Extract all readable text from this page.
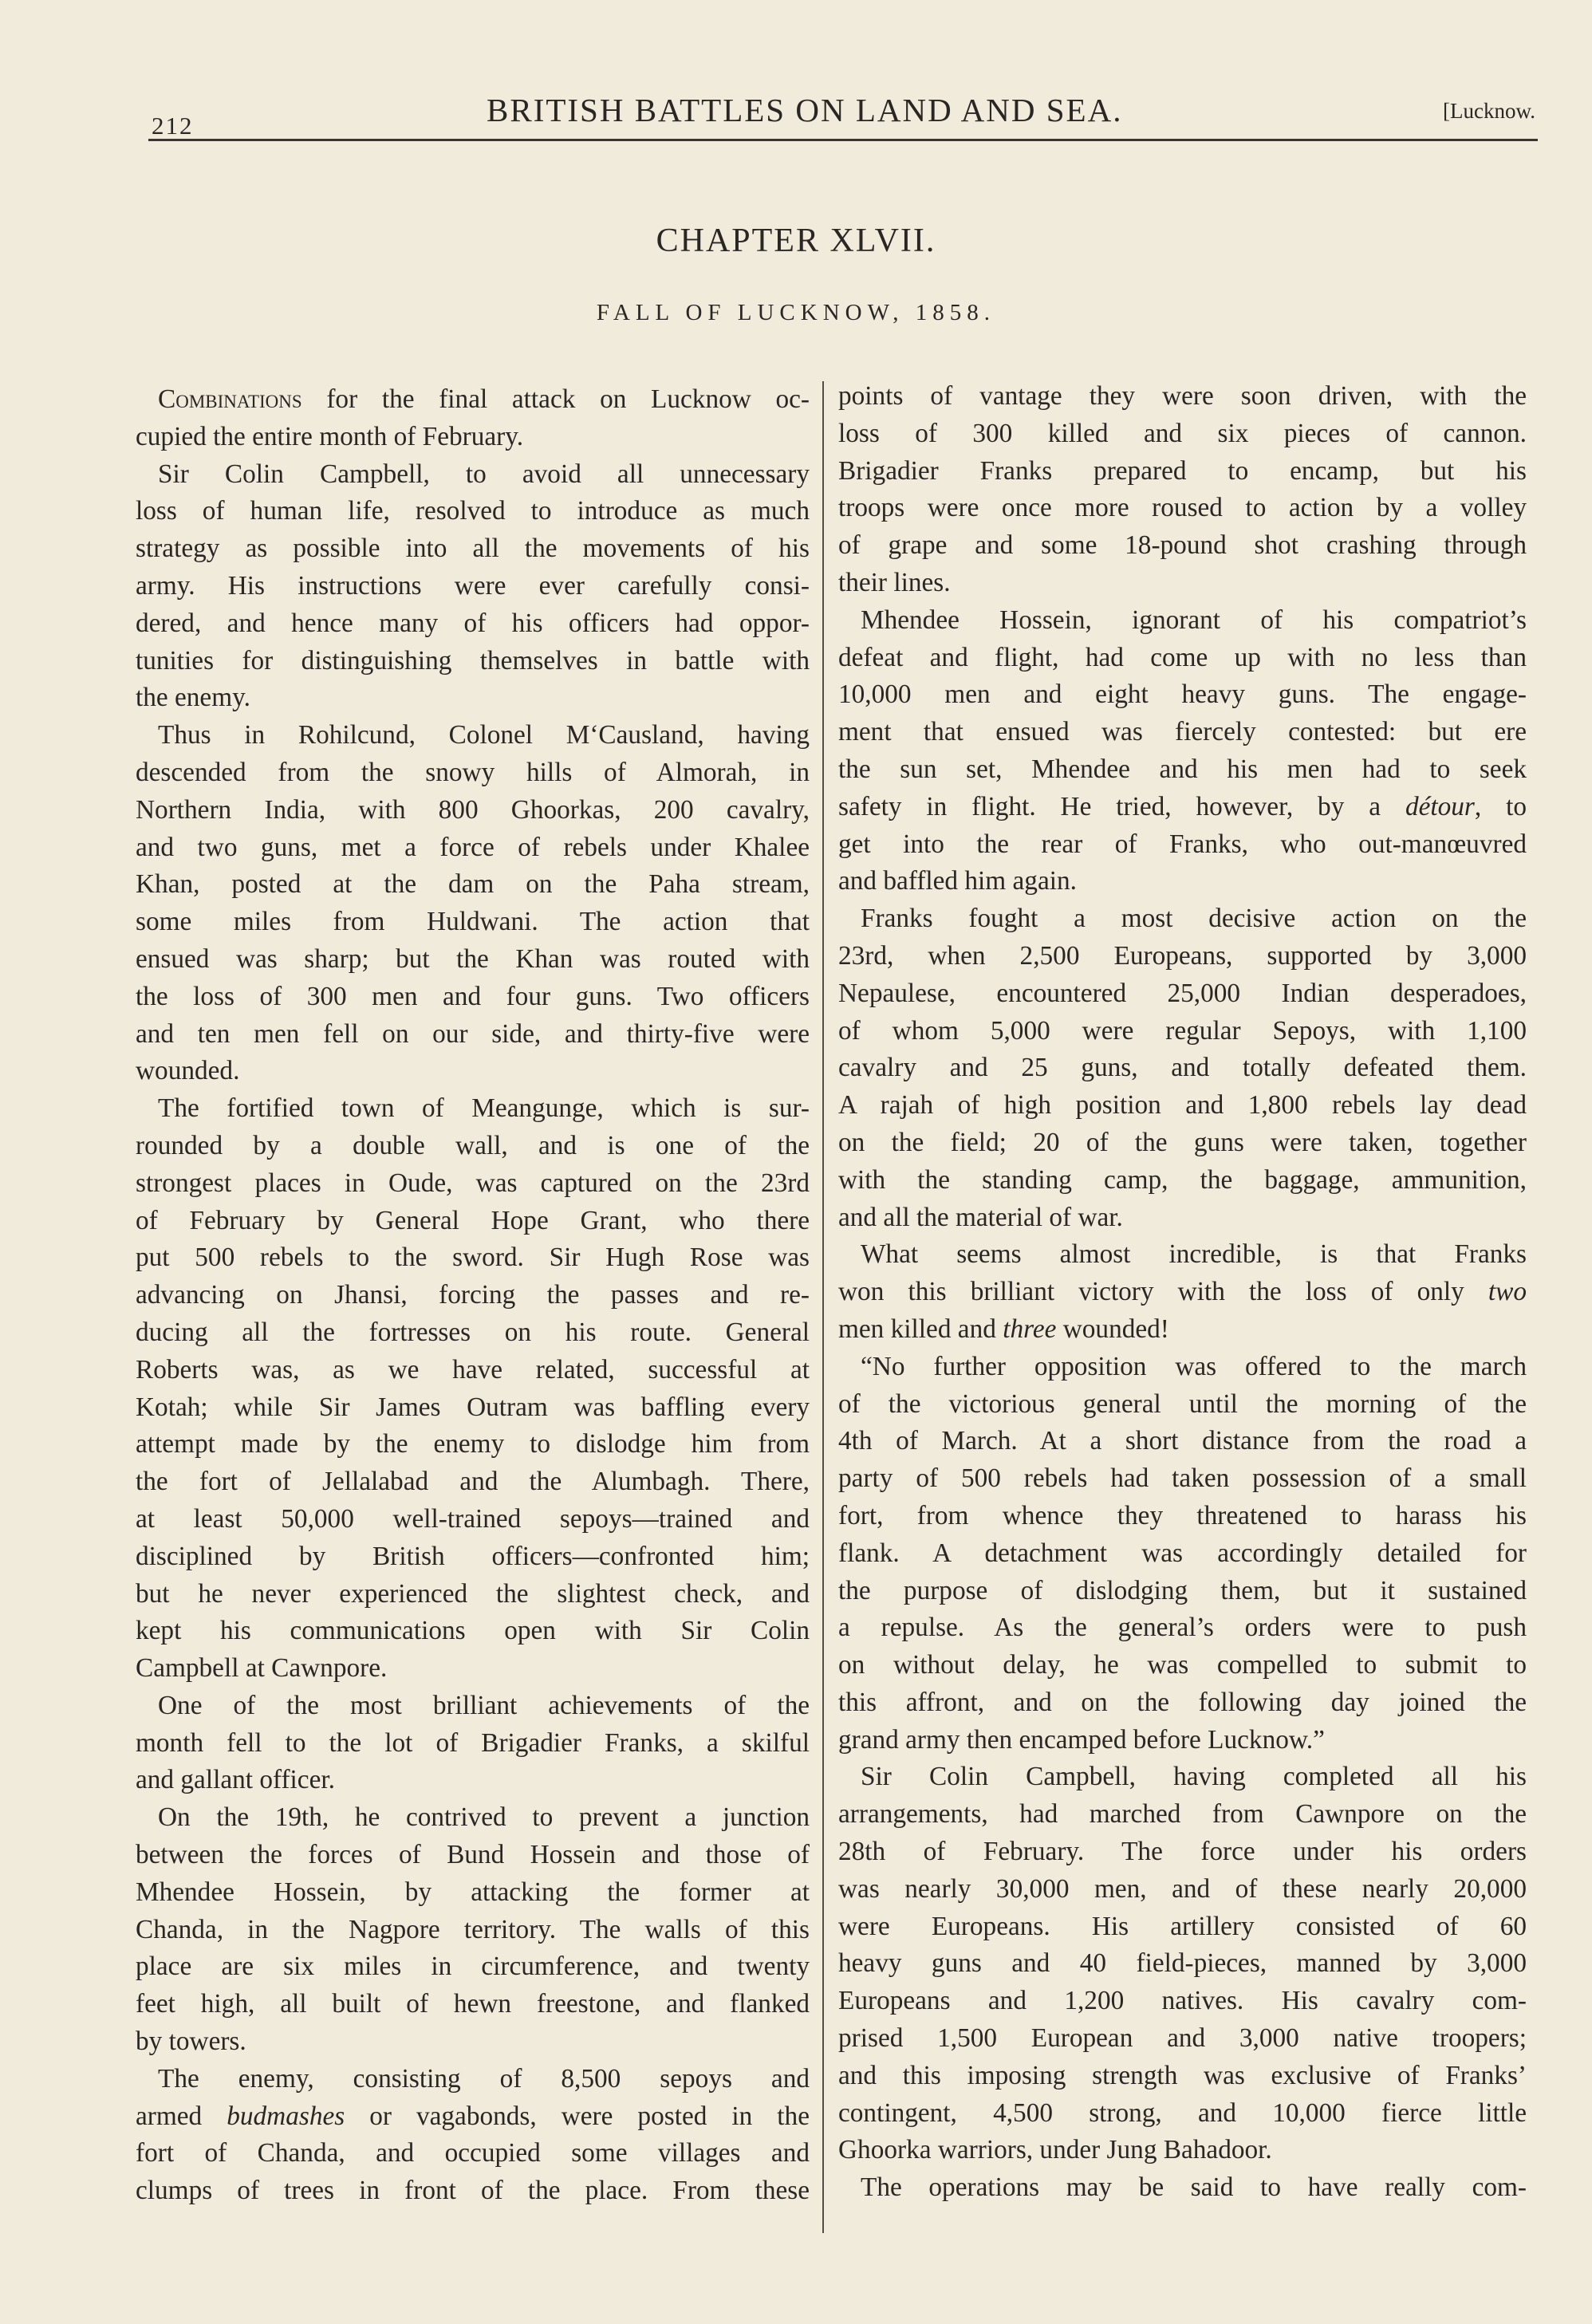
212	BRITISH BATTLES ON LAND AND SEA.	[Lucknow.
CHAPTER XLVII.
FALL OF LUCKNOW, 1858.
Combinations for the final attack on Lucknow oc-
cupied the entire month of February.
Sir Colin Campbell, to avoid all unnecessary
loss of human life, resolved to introduce as much
strategy as possible into all the movements of his
army. His instructions were ever carefully consi-
dered, and hence many of his officers had oppor-
tunities for distinguishing themselves in battle with
the enemy.
Thus in Rohilcund, Colonel M‘Causland, having
descended from the snowy hills of Almorah, in
Northern India, with 800 Ghoorkas, 200 cavalry,
and two guns, met a force of rebels under Khalee
Khan, posted at the dam on the Paha stream,
some miles from Huldwani. The action that
ensued was sharp; but the Khan was routed with
the loss of 300 men and four guns. Two officers
and ten men fell on our side, and thirty-five were
wounded.
The fortified town of Meangunge, which is sur-
rounded by a double wall, and is one of the
strongest places in Oude, was captured on the 23rd
of February by General Hope Grant, who there
put 500 rebels to the sword. Sir Hugh Rose was
advancing on Jhansi, forcing the passes and re-
ducing all the fortresses on his route. General
Roberts was, as we have related, successful at
Kotah; while Sir James Outram was baffling every
attempt made by the enemy to dislodge him from
the fort of Jellalabad and the Alumbagh. There,
at least 50,000 well-trained sepoys—trained and
disciplined by British officers—confronted him;
but he never experienced the slightest check, and
kept his communications open with Sir Colin
Campbell at Cawnpore.
One of the most brilliant achievements of the
month fell to the lot of Brigadier Franks, a skilful
and gallant officer.
On the 19th, he contrived to prevent a junction
between the forces of Bund Hossein and those of
Mhendee Hossein, by attacking the former at
Chanda, in the Nagpore territory. The walls of this
place are six miles in circumference, and twenty
feet high, all built of hewn freestone, and flanked
by towers.
The enemy, consisting of 8,500 sepoys and
armed budmashes or vagabonds, were posted in the
fort of Chanda, and occupied some villages and
clumps of trees in front of the place. From these
points of vantage they were soon driven, with the
loss of 300 killed and six pieces of cannon.
Brigadier Franks prepared to encamp, but his
troops were once more roused to action by a volley
of grape and some 18-pound shot crashing through
their lines.
Mhendee Hossein, ignorant of his compatriot’s
defeat and flight, had come up with no less than
10,000 men and eight heavy guns. The engage-
ment that ensued was fiercely contested: but ere
the sun set, Mhendee and his men had to seek
safety in flight. He tried, however, by a détour, to
get into the rear of Franks, who out-manœuvred
and baffled him again.
Franks fought a most decisive action on the
23rd, when 2,500 Europeans, supported by 3,000
Nepaulese, encountered 25,000 Indian desperadoes,
of whom 5,000 were regular Sepoys, with 1,100
cavalry and 25 guns, and totally defeated them.
A rajah of high position and 1,800 rebels lay dead
on the field; 20 of the guns were taken, together
with the standing camp, the baggage, ammunition,
and all the material of war.
What seems almost incredible, is that Franks
won this brilliant victory with the loss of only two
men killed and three wounded!
“No further opposition was offered to the march
of the victorious general until the morning of the
4th of March. At a short distance from the road a
party of 500 rebels had taken possession of a small
fort, from whence they threatened to harass his
flank. A detachment was accordingly detailed for
the purpose of dislodging them, but it sustained
a repulse. As the general’s orders were to push
on without delay, he was compelled to submit to
this affront, and on the following day joined the
grand army then encamped before Lucknow.”
Sir Colin Campbell, having completed all his
arrangements, had marched from Cawnpore on the
28th of February. The force under his orders
was nearly 30,000 men, and of these nearly 20,000
were Europeans. His artillery consisted of 60
heavy guns and 40 field-pieces, manned by 3,000
Europeans and 1,200 natives. His cavalry com-
prised 1,500 European and 3,000 native troopers;
and this imposing strength was exclusive of Franks’
contingent, 4,500 strong, and 10,000 fierce little
Ghoorka warriors, under Jung Bahadoor.
The operations may be said to have really com-
